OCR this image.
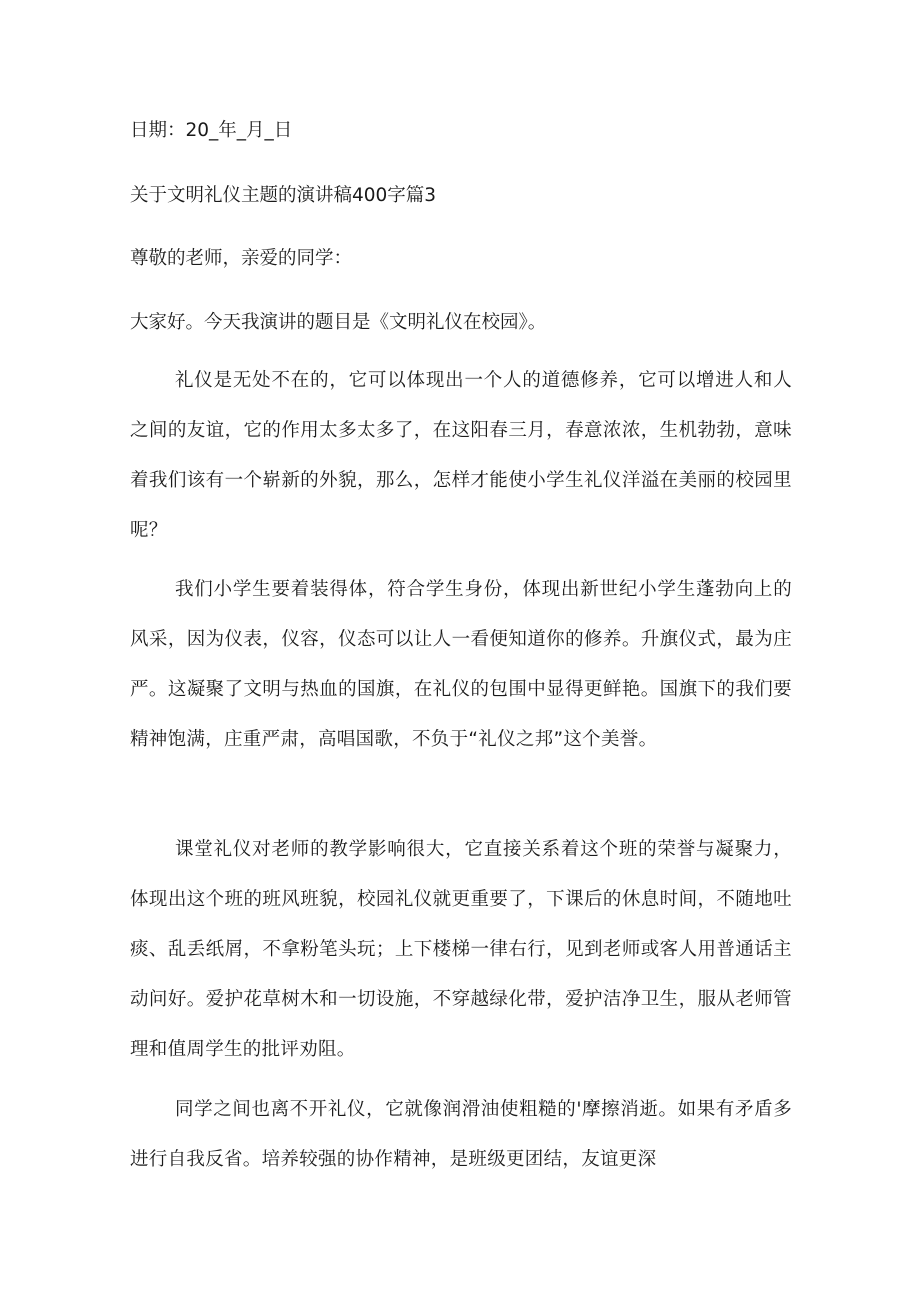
日期：20_年_月_日

关于文明礼仪主题的演讲稿400字篇3

尊敬的老师，亲爱的同学：

大家好。今天我演讲的题目是《文明礼仪在校园》。

礼仪是无处不在的，它可以体现出一个人的道德修养，它可以增进人和人之间的友谊，它的作用太多太多了，在这阳春三月，春意浓浓，生机勃勃，意味着我们该有一个崭新的外貌，那么，怎样才能使小学生礼仪洋溢在美丽的校园里呢？

我们小学生要着装得体，符合学生身份，体现出新世纪小学生蓬勃向上的风采，因为仪表，仪容，仪态可以让人一看便知道你的修养。升旗仪式，最为庄严。这凝聚了文明与热血的国旗，在礼仪的包围中显得更鲜艳。国旗下的我们要精神饱满，庄重严肃，高唱国歌，不负于“礼仪之邦”这个美誉。

课堂礼仪对老师的教学影响很大，它直接关系着这个班的荣誉与凝聚力，体现出这个班的班风班貌，校园礼仪就更重要了，下课后的休息时间，不随地吐痰、乱丢纸屑，不拿粉笔头玩；上下楼梯一律右行，见到老师或客人用普通话主动问好。爱护花草树木和一切设施，不穿越绿化带，爱护洁净卫生，服从老师管理和值周学生的批评劝阻。

同学之间也离不开礼仪，它就像润滑油使粗糙的'摩擦消逝。如果有矛盾多进行自我反省。培养较强的协作精神，是班级更团结，友谊更深
